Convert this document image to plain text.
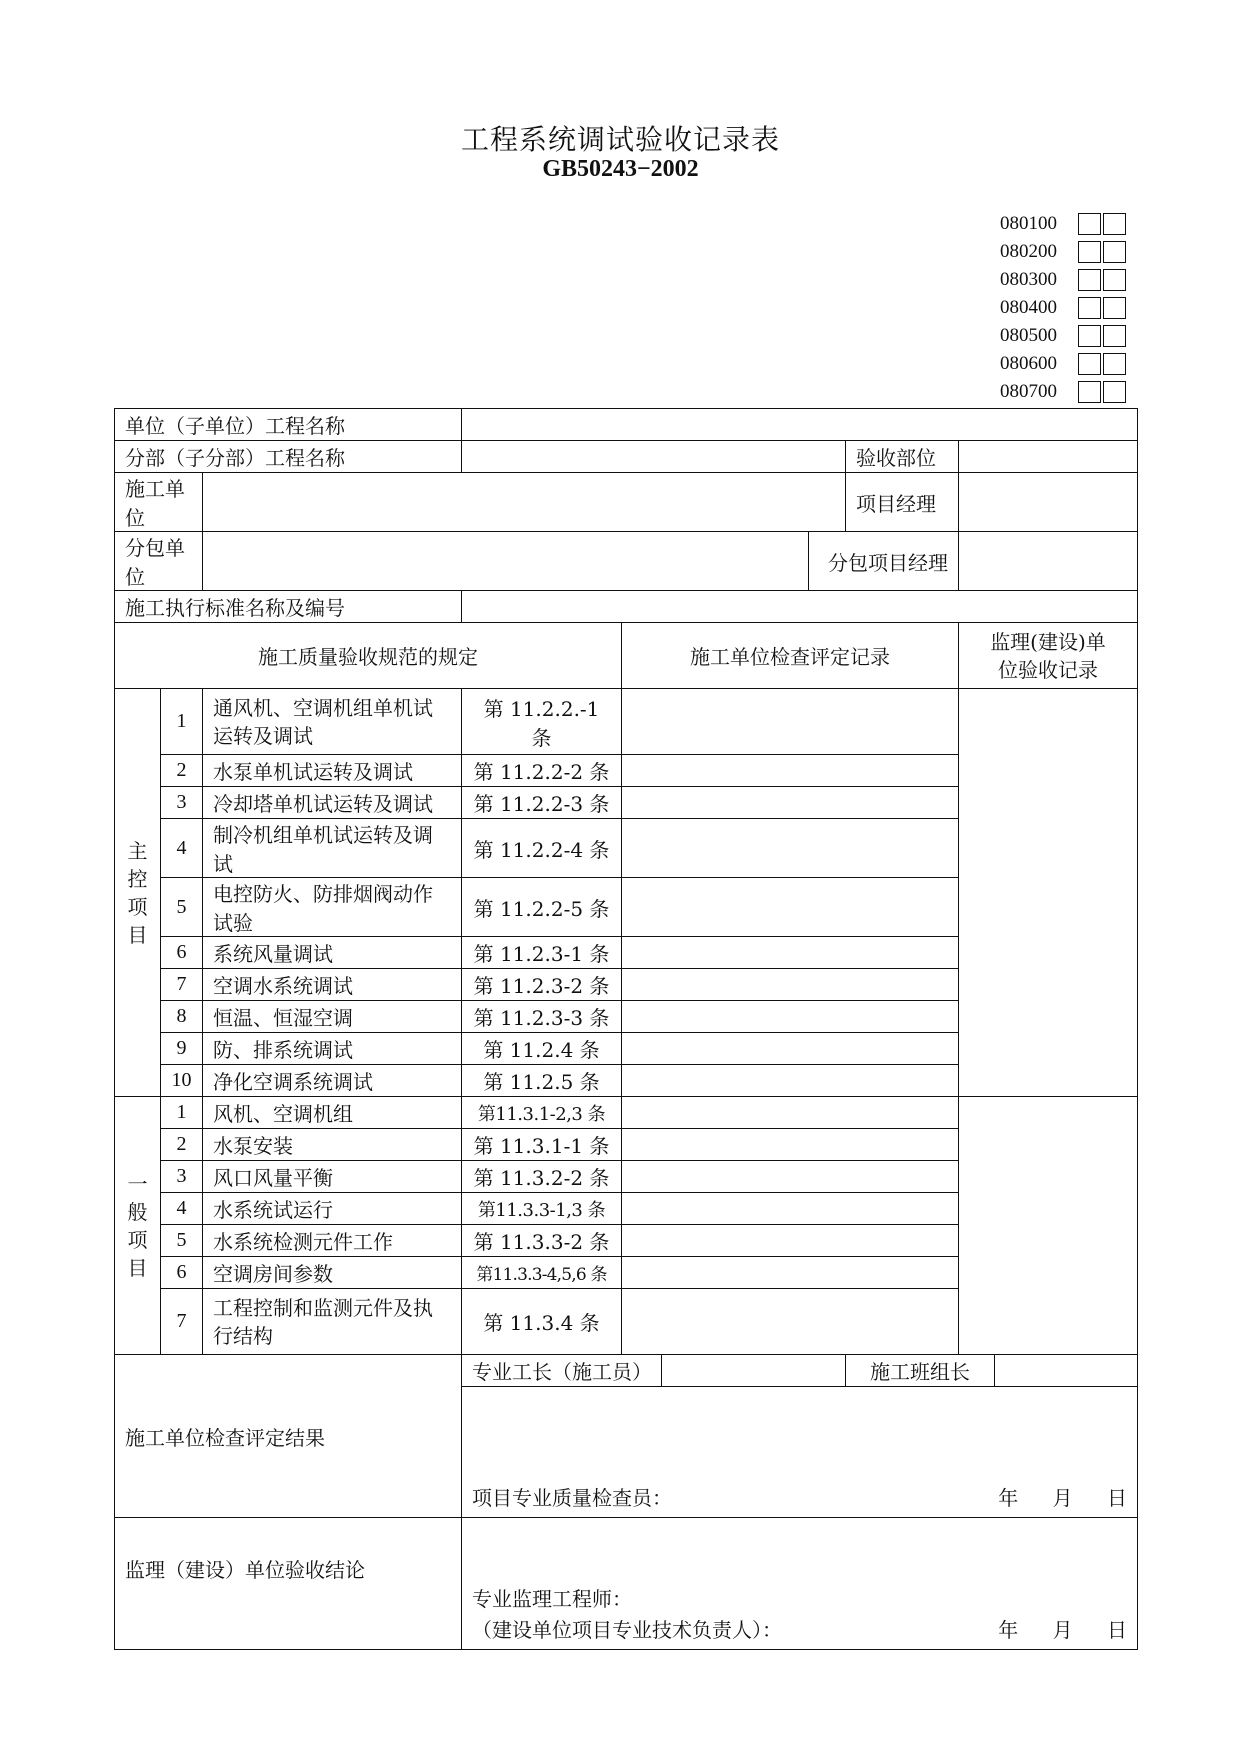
工程系统调试验收记录表
GB50243−2002
080100
080200
080300
080400
080500
080600
080700
单位（子单位）工程名称									
分部（子分部）工程名称							验收部位		
施工单位							项目经理		
分包单位						分包项目经理			
施工执行标准名称及编号									
施工质量验收规范的规定				施工单位检查评定记录				监理(建设)单
位验收记录	
主
控
项
目	1	通风机、空调机组单机试运转及调试	第 11.2.2.-1 条						
	2	水泵单机试运转及调试	第 11.2.2-2 条						
	3	冷却塔单机试运转及调试	第 11.2.2-3 条						
	4	制冷机组单机试运转及调试	第 11.2.2-4 条						
	5	电控防火、防排烟阀动作试验	第 11.2.2-5 条						
	6	系统风量调试	第 11.2.3-1 条						
	7	空调水系统调试	第 11.2.3-2 条						
	8	恒温、恒湿空调	第 11.2.3-3 条						
	9	防、排系统调试	第 11.2.4 条						
	10	净化空调系统调试	第 11.2.5 条						
一
般
项
目	1	风机、空调机组	第11.3.1-2,3 条						
	2	水泵安装	第 11.3.1-1 条						
	3	风口风量平衡	第 11.3.2-2 条						
	4	水系统试运行	第11.3.3-1,3 条						
	5	水系统检测元件工作	第 11.3.3-2 条						
	6	空调房间参数	第11.3.3-4,5,6 条						
	7	工程控制和监测元件及执行结构	第 11.3.4 条						
施工单位检查评定结果			专业工长（施工员）				施工班组长		

			项目专业质量检查员： 年 月 日						

监理（建设）单位验收结论			专业监理工程师：
（建设单位项目专业技术负责人）： 年 月 日						
